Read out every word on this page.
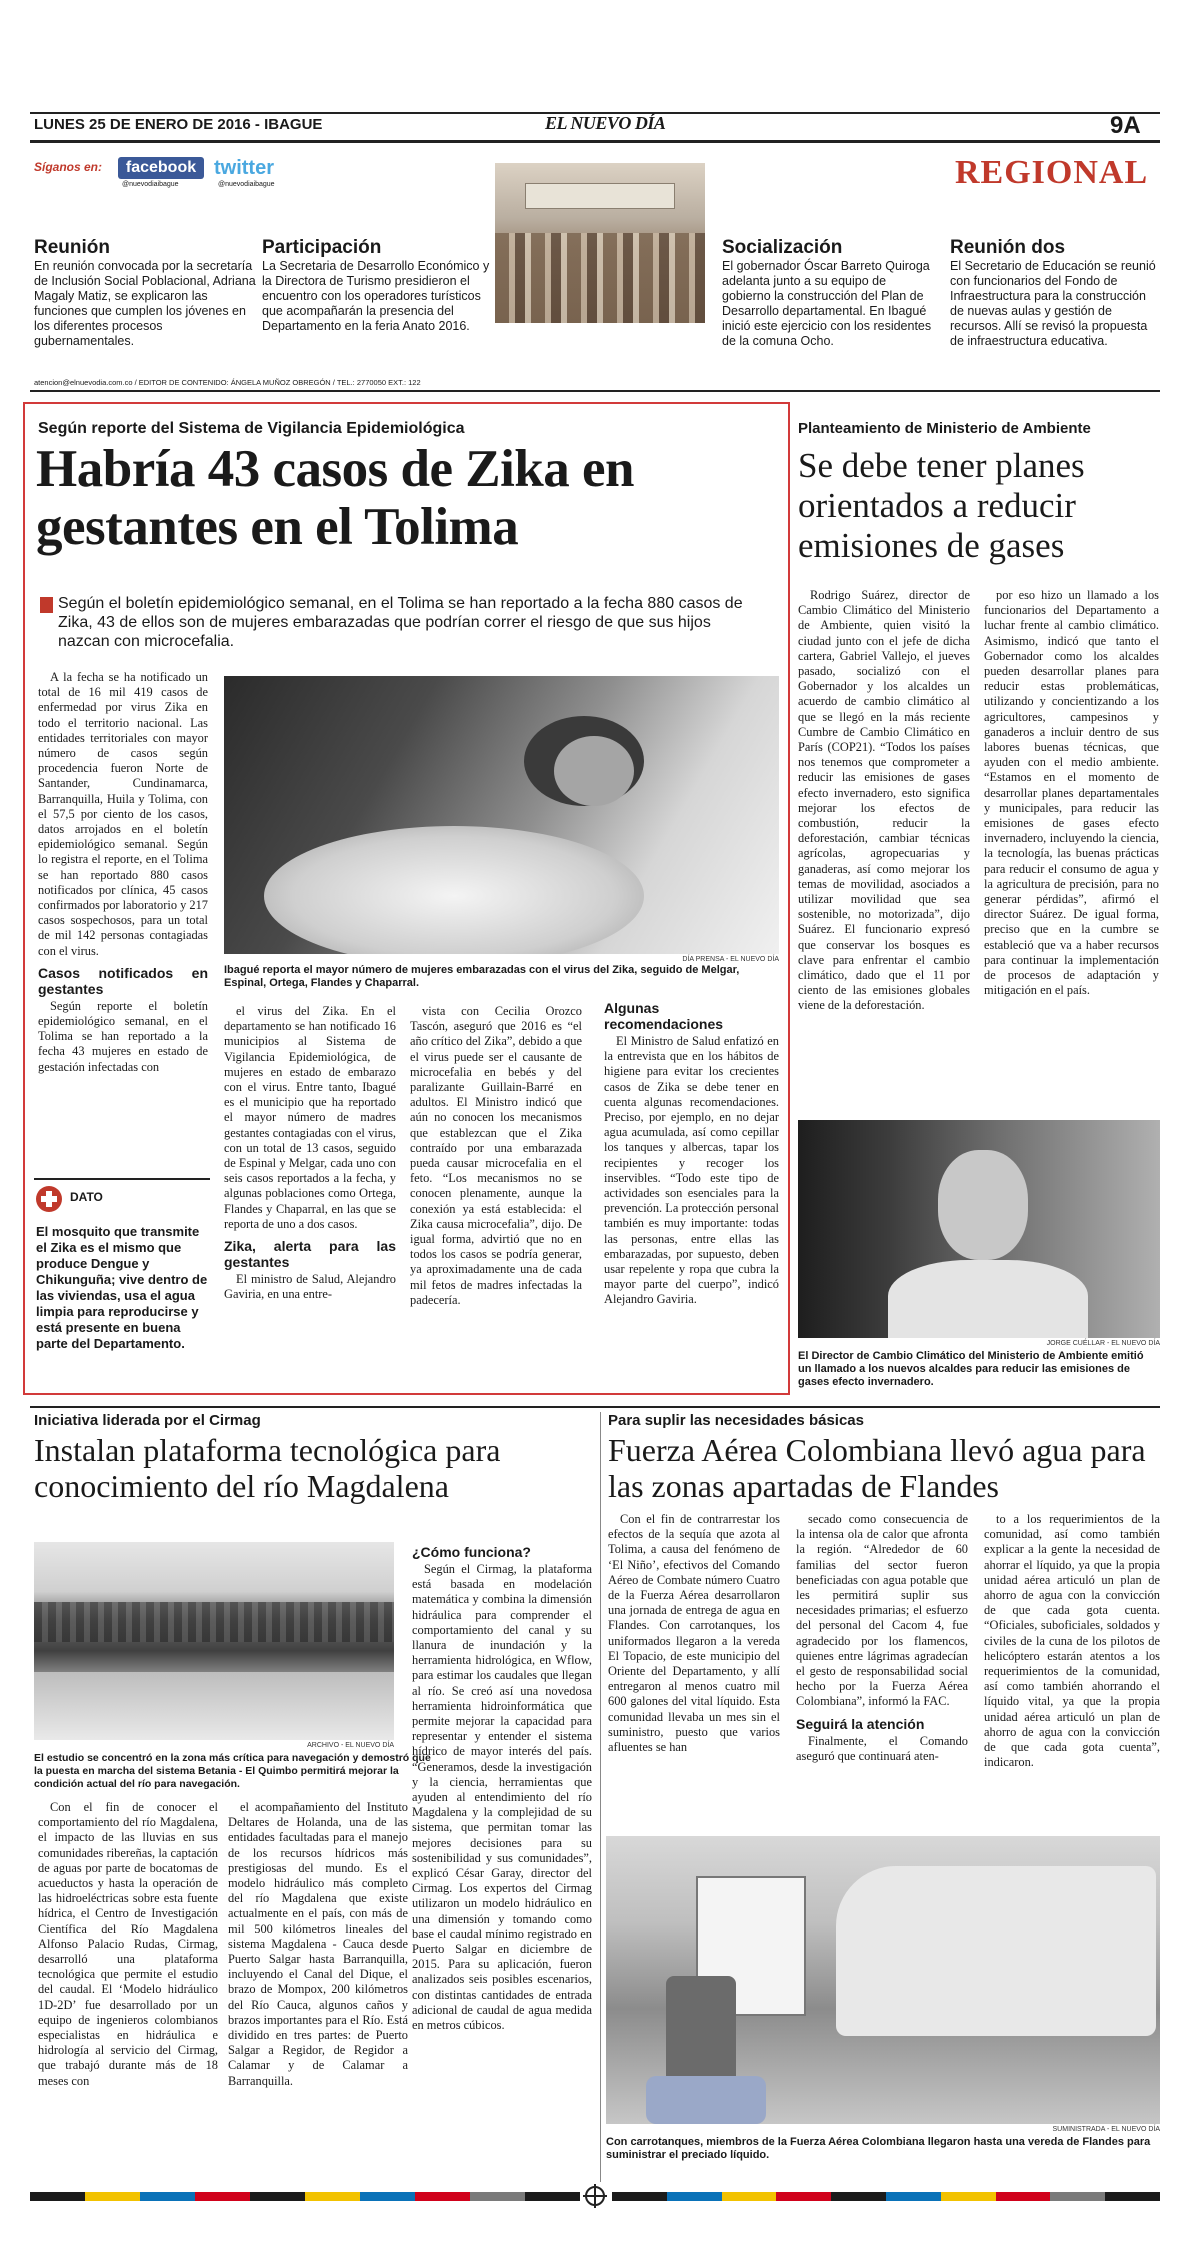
LUNES 25 DE ENERO DE 2016 - IBAGUE	EL NUEVO DÍA	9A
Síganos en:	facebook
@nuevodiaibague
twitter
@nuevodiaibague	REGIONAL
Reunión
En reunión convocada por la secretaría de Inclusión Social Poblacional, Adriana Magaly Matiz, se explicaron las funciones que cumplen los jóvenes en los diferentes procesos gubernamentales.
Participación
La Secretaria de Desarrollo Económico y la Directora de Turismo presidieron el encuentro con los operadores turísticos que acompañarán la presencia del Departamento en la feria Anato 2016.
Socialización
El gobernador Óscar Barreto Quiroga adelanta junto a su equipo de gobierno la construcción del Plan de Desarrollo departamental. En Ibagué inició este ejercicio con los residentes de la comuna Ocho.
Reunión dos
El Secretario de Educación se reunió con funcionarios del Fondo de Infraestructura para la construcción de nuevas aulas y gestión de recursos. Allí se revisó la propuesta de infraestructura educativa.
atencion@elnuevodia.com.co / EDITOR DE CONTENIDO: ÁNGELA MUÑOZ OBREGÓN / TEL.: 2770050 EXT.: 122
Según reporte del Sistema de Vigilancia Epidemiológica
Habría 43 casos de Zika en gestantes en el Tolima
Según el boletín epidemiológico semanal, en el Tolima se han reportado a la fecha 880 casos de Zika, 43 de ellos son de mujeres embarazadas que podrían correr el riesgo de que sus hijos nazcan con microcefalia.

A la fecha se ha notificado un total de 16 mil 419 casos de enfermedad por virus Zika en todo el territorio nacional. Las entidades territoriales con mayor número de casos según procedencia fueron Norte de Santander, Cundinamarca, Barranquilla, Huila y Tolima, con el 57,5 por ciento de los casos, datos arrojados en el boletín epidemiológico semanal. Según lo registra el reporte, en el Tolima se han reportado 880 casos notificados por clínica, 45 casos confirmados por laboratorio y 217 casos sospechosos, para un total de mil 142 personas contagiadas con el virus.

Casos notificados en gestantes

Según reporte el boletín epidemiológico semanal, en el Tolima se han reportado a la fecha 43 mujeres en estado de gestación infectadas con

DATO
El mosquito que transmite el Zika es el mismo que produce Dengue y Chikunguña; vive dentro de las viviendas, usa el agua limpia para reproducirse y está presente en buena parte del Departamento.
DÍA PRENSA - EL NUEVO DÍA
Ibagué reporta el mayor número de mujeres embarazadas con el virus del Zika, seguido de Melgar, Espinal, Ortega, Flandes y Chaparral.

el virus del Zika. En el departamento se han notificado 16 municipios al Sistema de Vigilancia Epidemiológica, de mujeres en estado de embarazo con el virus. Entre tanto, Ibagué es el municipio que ha reportado el mayor número de madres gestantes contagiadas con el virus, con un total de 13 casos, seguido de Espinal y Melgar, cada uno con seis casos reportados a la fecha, y algunas poblaciones como Ortega, Flandes y Chaparral, en las que se reporta de uno a dos casos.

Zika, alerta para las gestantes

El ministro de Salud, Alejandro Gaviria, en una entre-

vista con Cecilia Orozco Tascón, aseguró que 2016 es “el año crítico del Zika”, debido a que el virus puede ser el causante de microcefalia en bebés y del paralizante Guillain-Barré en adultos. El Ministro indicó que aún no conocen los mecanismos que establezcan que el Zika contraído por una embarazada pueda causar microcefalia en el feto. “Los mecanismos no se conocen plenamente, aunque la conexión ya está establecida: el Zika causa microcefalia”, dijo. De igual forma, advirtió que no en todos los casos se podría generar, ya aproximadamente una de cada mil fetos de madres infectadas la padecería.

Algunas recomendaciones

El Ministro de Salud enfatizó en la entrevista que en los hábitos de higiene para evitar los crecientes casos de Zika se debe tener en cuenta algunas recomendaciones. Preciso, por ejemplo, en no dejar agua acumulada, así como cepillar los tanques y albercas, tapar los recipientes y recoger los inservibles. “Todo este tipo de actividades son esenciales para la prevención. La protección personal también es muy importante: todas las personas, entre ellas las embarazadas, por supuesto, deben usar repelente y ropa que cubra la mayor parte del cuerpo”, indicó Alejandro Gaviria.

Planteamiento de Ministerio de Ambiente
Se debe tener planes orientados a reducir emisiones de gases

Rodrigo Suárez, director de Cambio Climático del Ministerio de Ambiente, quien visitó la ciudad junto con el jefe de dicha cartera, Gabriel Vallejo, el jueves pasado, socializó con el Gobernador y los alcaldes un acuerdo de cambio climático al que se llegó en la más reciente Cumbre de Cambio Climático en París (COP21). “Todos los países nos tenemos que comprometer a reducir las emisiones de gases efecto invernadero, esto significa mejorar los efectos de combustión, reducir la deforestación, cambiar técnicas agrícolas, agropecuarias y ganaderas, así como mejorar los temas de movilidad, asociados a utilizar movilidad que sea sostenible, no motorizada”, dijo Suárez. El funcionario expresó que conservar los bosques es clave para enfrentar el cambio climático, dado que el 11 por ciento de las emisiones globales viene de la deforestación.

por eso hizo un llamado a los funcionarios del Departamento a luchar frente al cambio climático. Asimismo, indicó que tanto el Gobernador como los alcaldes pueden desarrollar planes para reducir estas problemáticas, utilizando y concientizando a los agricultores, campesinos y ganaderos a incluir dentro de sus labores buenas técnicas, que ayuden con el medio ambiente. “Estamos en el momento de desarrollar planes departamentales y municipales, para reducir las emisiones de gases efecto invernadero, incluyendo la ciencia, la tecnología, las buenas prácticas para reducir el consumo de agua y la agricultura de precisión, para no generar pérdidas”, afirmó el director Suárez. De igual forma, preciso que en la cumbre se estableció que va a haber recursos para continuar la implementación de procesos de adaptación y mitigación en el país.

JORGE CUÉLLAR - EL NUEVO DÍA
El Director de Cambio Climático del Ministerio de Ambiente emitió un llamado a los nuevos alcaldes para reducir las emisiones de gases efecto invernadero.
Iniciativa liderada por el Cirmag
Instalan plataforma tecnológica para conocimiento del río Magdalena
ARCHIVO - EL NUEVO DÍA
El estudio se concentró en la zona más crítica para navegación y demostró que la puesta en marcha del sistema Betania - El Quimbo permitirá mejorar la condición actual del río para navegación.

Con el fin de conocer el comportamiento del río Magdalena, el impacto de las lluvias en sus comunidades ribereñas, la captación de aguas por parte de bocatomas de acueductos y hasta la operación de las hidroeléctricas sobre esta fuente hídrica, el Centro de Investigación Científica del Río Magdalena Alfonso Palacio Rudas, Cirmag, desarrolló una plataforma tecnológica que permite el estudio del caudal. El ‘Modelo hidráulico 1D-2D’ fue desarrollado por un equipo de ingenieros colombianos especialistas en hidráulica e hidrología al servicio del Cirmag, que trabajó durante más de 18 meses con

el acompañamiento del Instituto Deltares de Holanda, una de las entidades facultadas para el manejo de los recursos hídricos más prestigiosas del mundo. Es el modelo hidráulico más completo del río Magdalena que existe actualmente en el país, con más de mil 500 kilómetros lineales del sistema Magdalena - Cauca desde Puerto Salgar hasta Barranquilla, incluyendo el Canal del Dique, el brazo de Mompox, 200 kilómetros del Río Cauca, algunos caños y brazos importantes para el Río. Está dividido en tres partes: de Puerto Salgar a Regidor, de Regidor a Calamar y de Calamar a Barranquilla.

¿Cómo funciona?

Según el Cirmag, la plataforma está basada en modelación matemática y combina la dimensión hidráulica para comprender el comportamiento del canal y su llanura de inundación y la herramienta hidrológica, en Wflow, para estimar los caudales que llegan al río. Se creó así una novedosa herramienta hidroinformática que permite mejorar la capacidad para representar y entender el sistema hídrico de mayor interés del país. “Generamos, desde la investigación y la ciencia, herramientas que ayuden al entendimiento del río Magdalena y la complejidad de su sistema, que permitan tomar las mejores decisiones para su sostenibilidad y sus comunidades”, explicó César Garay, director del Cirmag. Los expertos del Cirmag utilizaron un modelo hidráulico en una dimensión y tomando como base el caudal mínimo registrado en Puerto Salgar en diciembre de 2015. Para su aplicación, fueron analizados seis posibles escenarios, con distintas cantidades de entrada adicional de caudal de agua medida en metros cúbicos.

Para suplir las necesidades básicas
Fuerza Aérea Colombiana llevó agua para las zonas apartadas de Flandes

Con el fin de contrarrestar los efectos de la sequía que azota al Tolima, a causa del fenómeno de ‘El Niño’, efectivos del Comando Aéreo de Combate número Cuatro de la Fuerza Aérea desarrollaron una jornada de entrega de agua en Flandes. Con carrotanques, los uniformados llegaron a la vereda El Topacio, de este municipio del Oriente del Departamento, y allí entregaron al menos cuatro mil 600 galones del vital líquido. Esta comunidad llevaba un mes sin el suministro, puesto que varios afluentes se han

secado como consecuencia de la intensa ola de calor que afronta la región. “Alrededor de 60 familias del sector fueron beneficiadas con agua potable que les permitirá suplir sus necesidades primarias; el esfuerzo del personal del Cacom 4, fue agradecido por los flamencos, quienes entre lágrimas agradecían el gesto de responsabilidad social hecho por la Fuerza Aérea Colombiana”, informó la FAC.

Seguirá la atención

Finalmente, el Comando aseguró que continuará aten-

to a los requerimientos de la comunidad, así como también explicar a la gente la necesidad de ahorrar el líquido, ya que la propia unidad aérea articuló un plan de ahorro de agua con la convicción de que cada gota cuenta. “Oficiales, suboficiales, soldados y civiles de la cuna de los pilotos de helicóptero estarán atentos a los requerimientos de la comunidad, así como también ahorrando el líquido vital, ya que la propia unidad aérea articuló un plan de ahorro de agua con la convicción de que cada gota cuenta”, indicaron.

SUMINISTRADA - EL NUEVO DÍA
Con carrotanques, miembros de la Fuerza Aérea Colombiana llegaron hasta una vereda de Flandes para suministrar el preciado líquido.
